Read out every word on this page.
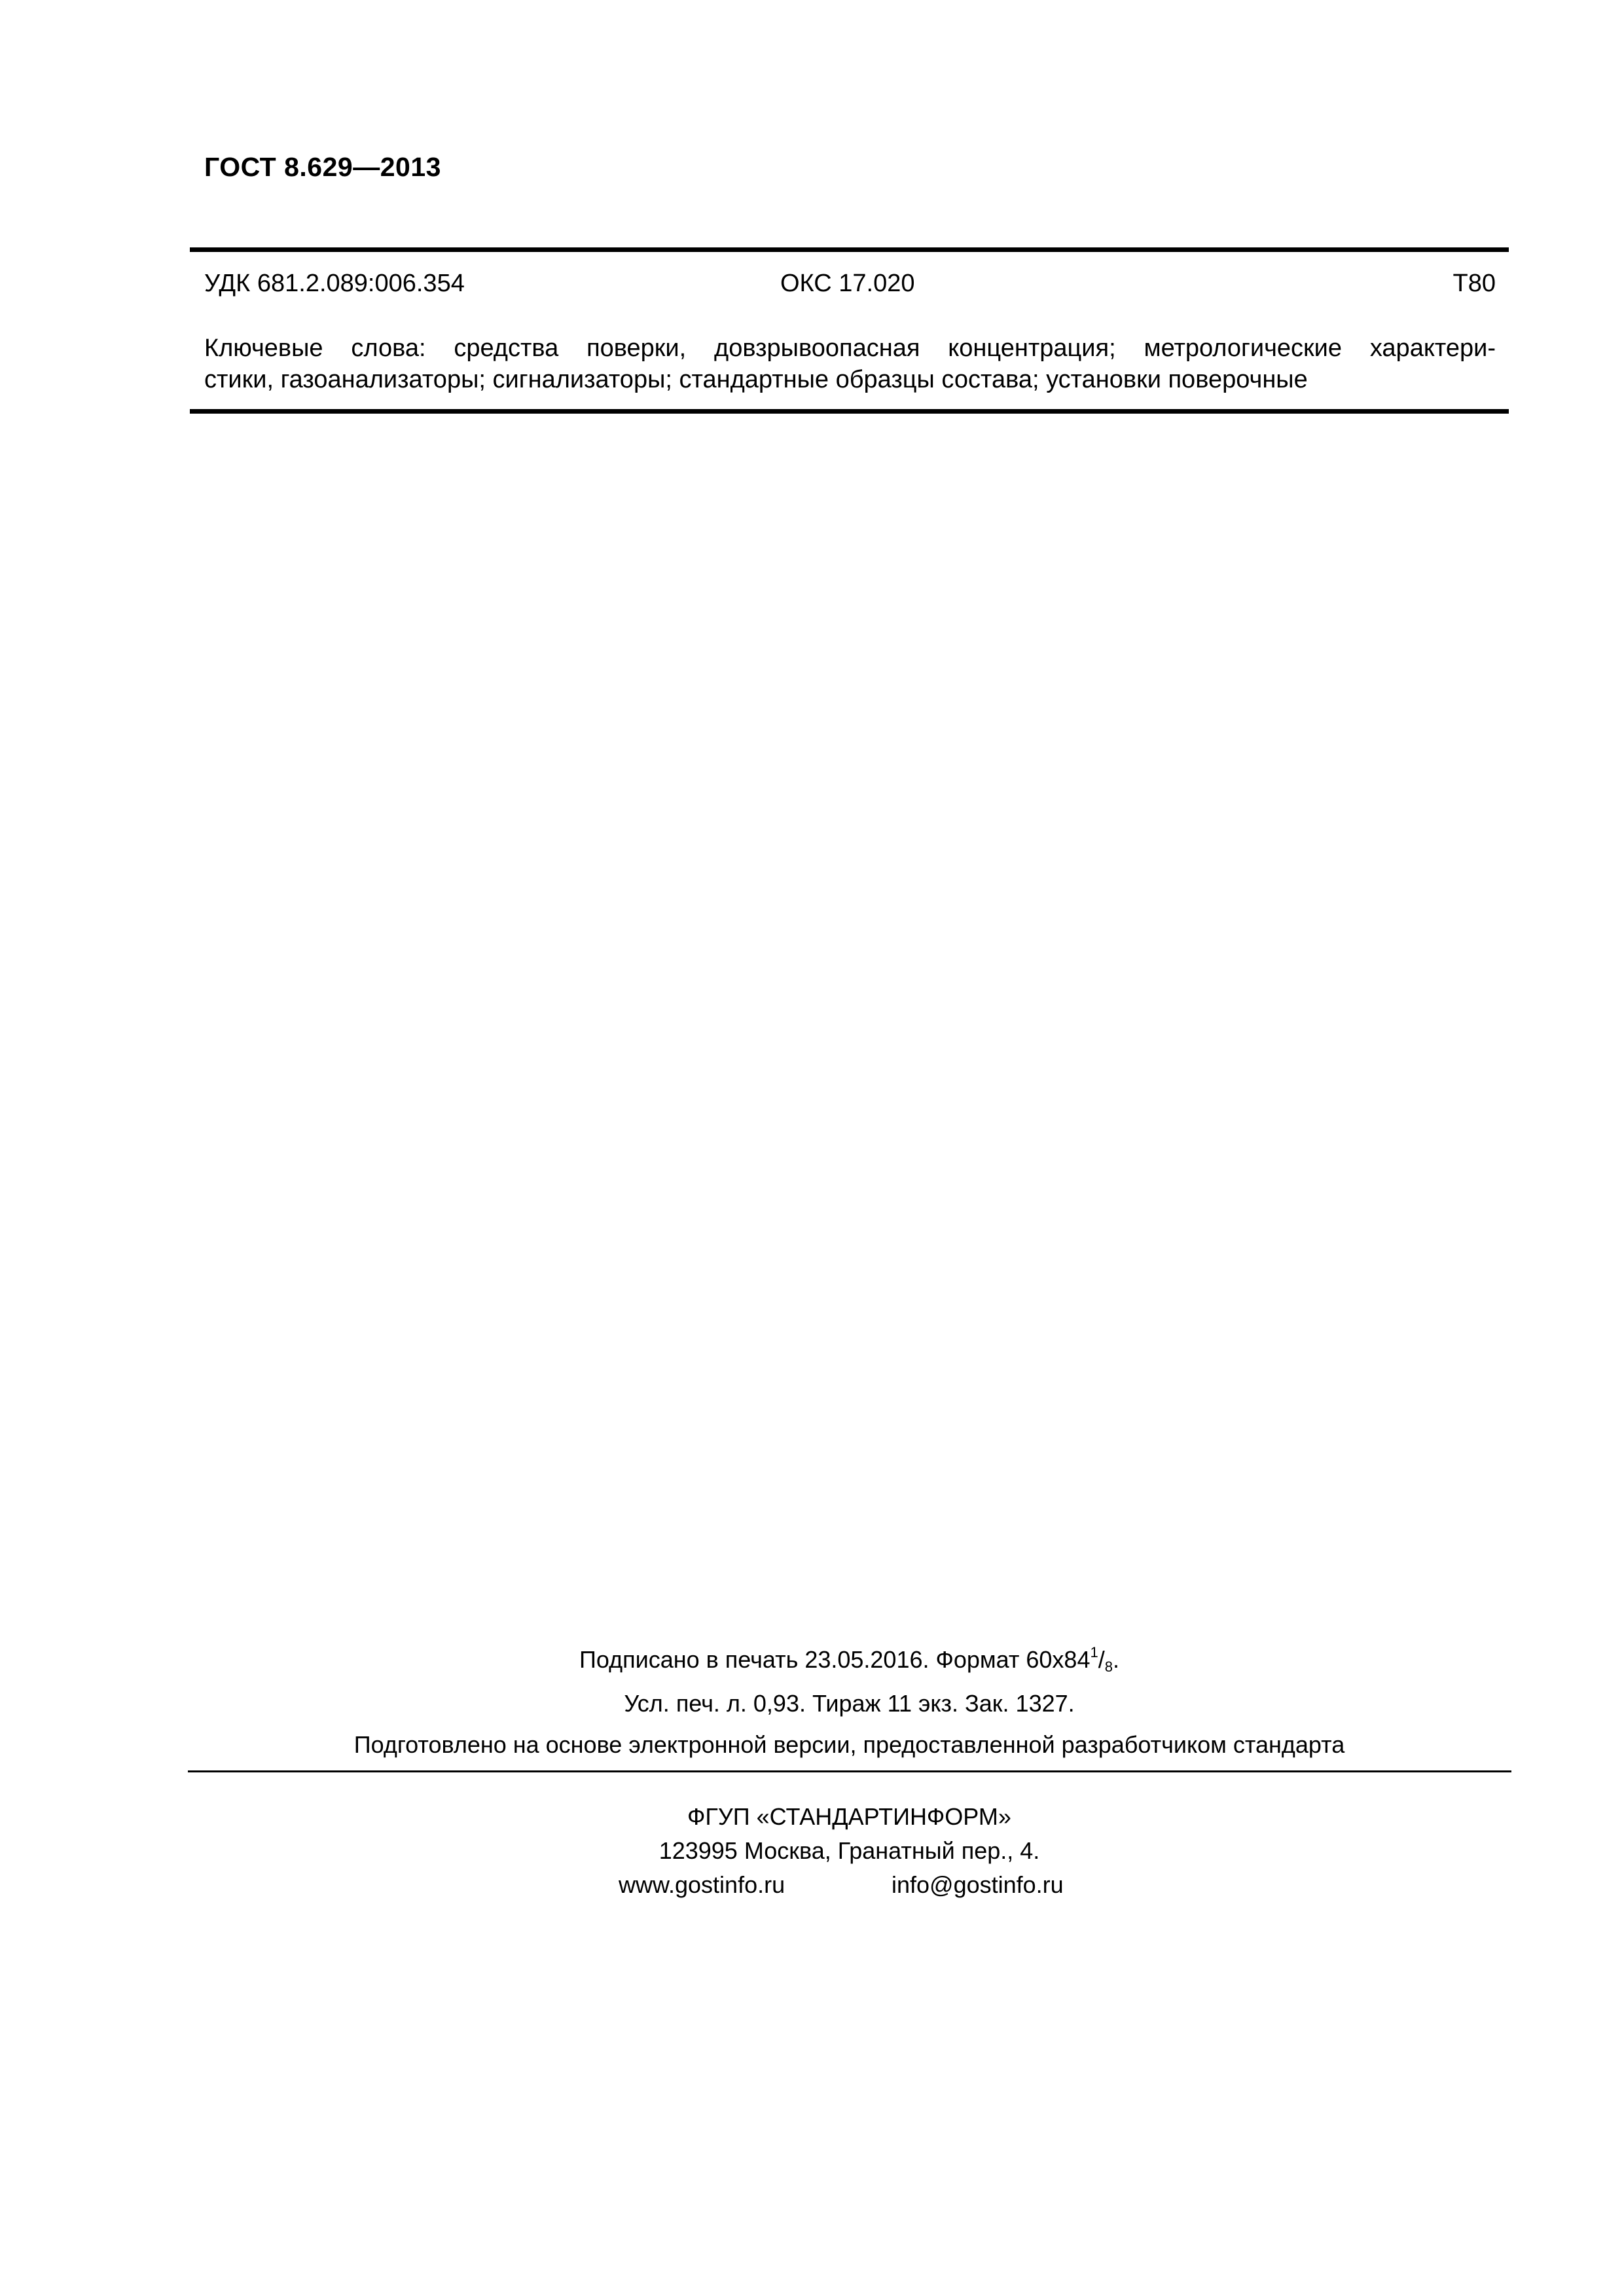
ГОСТ 8.629—2013
УДК 681.2.089:006.354	ОКС 17.020	Т80
Ключевые слова: средства поверки, довзрывоопасная концентрация; метрологические характери-
стики, газоанализаторы; сигнализаторы; стандартные образцы состава; установки поверочные
Подписано в печать 23.05.2016. Формат $60х84^1/_8$.
Усл. печ. л. 0,93. Тираж 11 экз. Зак. 1327.
Подготовлено на основе электронной версии, предоставленной разработчиком стандарта
ФГУП «СТАНДАРТИНФОРМ»
123995 Москва, Гранатный пер., 4.
www.gostinfo.ru	info@gostinfo.ru
